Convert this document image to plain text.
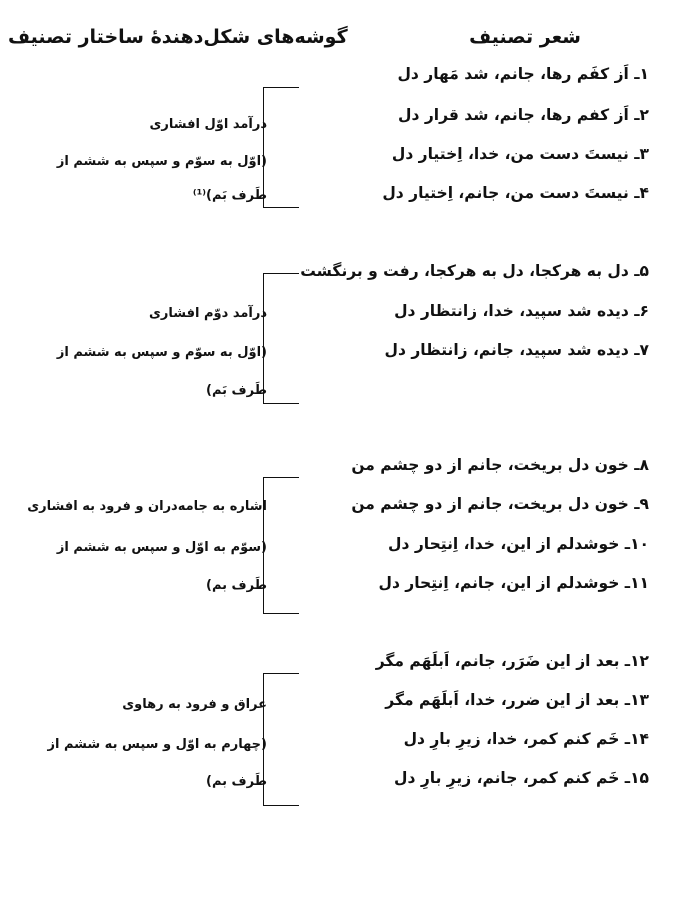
شعر تصنیف
گوشه‌های شکل‌دهندهٔ ساختار تصنیف
۱ـ اَز کفَم رها، جانم، شد مَهار دل
۲ـ اَز کفم رها، جانم، شد قرار دل
۳ـ نیستَ دست من، خدا، اِختیار دل
۴ـ نیستَ دست من، جانم، اِختیار دل
درآمد اوّل افشاری
(اوّل به سوّم و سپس به ششم از
طَرف بَم)⁽¹⁾
۵ـ دل به هرکجا، دل به هرکجا، رفت و برنگشت
۶ـ دیده شد سپید، خدا، زانتظار دل
۷ـ دیده شد سپید، جانم، زانتظار دل
درآمد دوّم افشاری
(اوّل به سوّم و سپس به ششم از
طَرف بَم)
۸ـ خون دل بریخت، جانم از دو چشم من
۹ـ خون دل بریخت، جانم از دو چشم من
۱۰ـ خوشدلم از این، خدا، اِنتِحار دل
۱۱ـ خوشدلم از این، جانم، اِنتِحار دل
اشاره به جامه‌دران و فرود به افشاری
(سوّم به اوّل و سپس به ششم از
طَرف بم)
۱۲ـ بعد از این ضَرَر، جانم، اَبلَهَم مگر
۱۳ـ بعد از این ضرر، خدا، اَبلَهَم مگر
۱۴ـ خَم کنم کمر، خدا، زیرِ بارِ دل
۱۵ـ خَم کنم کمر، جانم، زیرِ بارِ دل
عراق و فرود به رهاوی
(چهارم به اوّل و سپس به ششم از
طَرف بم)
